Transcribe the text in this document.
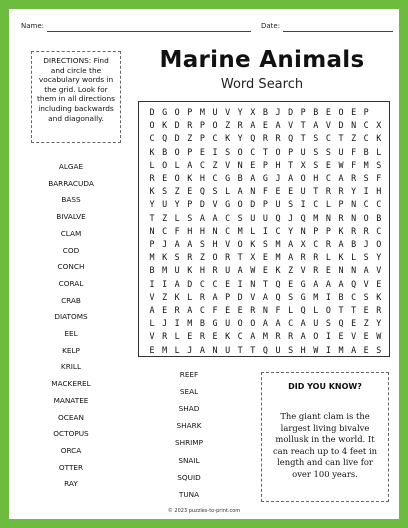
Name:	Date:
DIRECTIONS: Find and circle the vocabulary words in the grid. Look for them in all directions including backwards and diagonally.
Marine Animals
Word Search
D G O P M U V Y X B J D P B E O E P
O K D R P O Z R A E A V T A V D N C X
C Q D Z P C K Y Q R R Q T S C T Z C K
K B O P E I S O C T O P U S S U F B L
L O L A C Z V N E P H T X S E W F M S
R E O K H C G B A G J A O H C A R S F
K S Z E Q S L A N F E E U T R R Y I H
Y U Y P D V G O D P U S I C L P N C C
T Z L S A A C S U U Q J Q M N R N O B
N C F H H N C M L I C Y N P P K R R C
P J A A S H V O K S M A X C R A B J O
M K S R Z O R T X E M A R R L K L S Y
B M U K H R U A W E K Z V R E N N A V
I I A D C C E I N T Q E G A A A Q V E
V Z K L R A P D V A Q S G M I B C S K
A E R A C F E E R N F L Q L O T T E R
L J I M B G U O O A A C A U S Q E Z Y
V R L E R E K C A M R R A O I E V E W
E M L J A N U T T Q U S H W I M A E S
ALGAE
BARRACUDA
BASS
BIVALVE
CLAM
COD
CONCH
CORAL
CRAB
DIATOMS
EEL
KELP
KRILL
MACKEREL
MANATEE
OCEAN
OCTOPUS
ORCA
OTTER
RAY
REEF
SEAL
SHAD
SHARK
SHRIMP
SNAIL
SQUID
TUNA
DID YOU KNOW?
The giant clam is the largest living bivalve mollusk in the world. It can reach up to 4 feet in length and can live for over 100 years.
© 2023 puzzles-to-print.com
